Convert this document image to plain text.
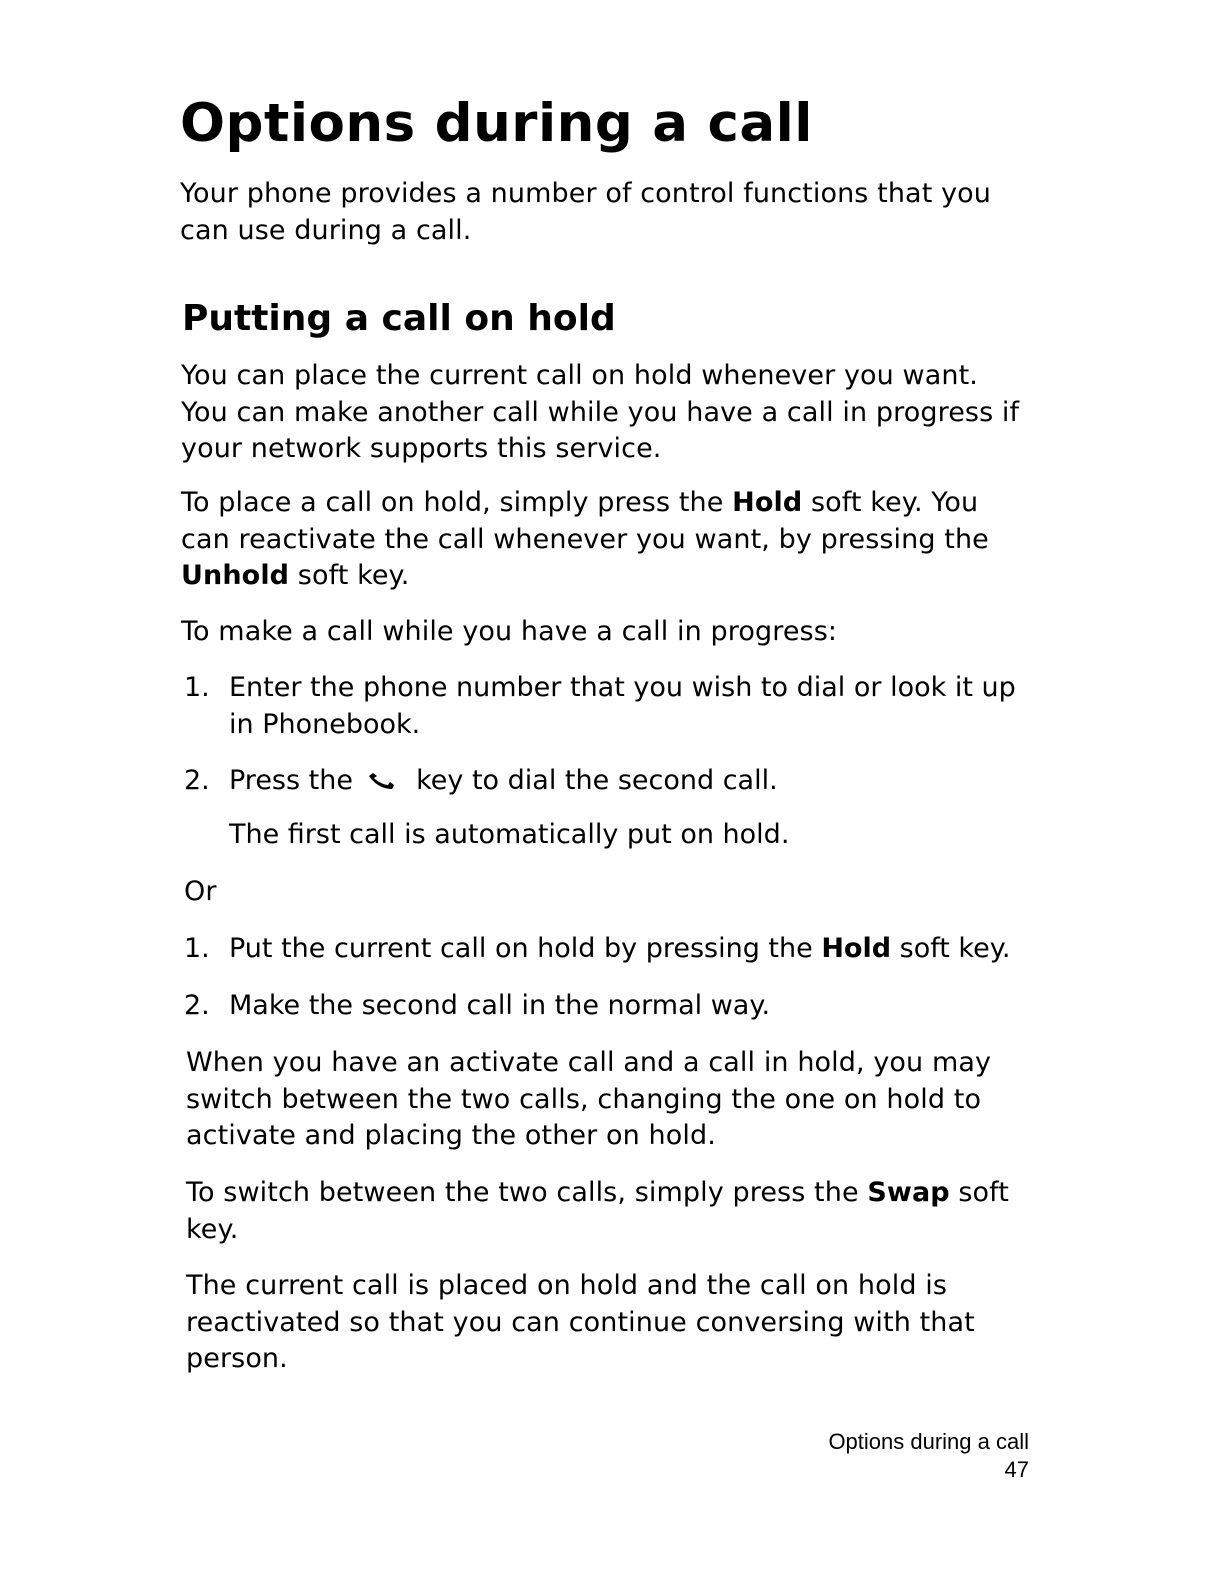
Options during a call

Your phone provides a number of control functions that you can use during a call.

Putting a call on hold

You can place the current call on hold whenever you want. You can make another call while you have a call in progress if your network supports this service.

To place a call on hold, simply press the Hold soft key. You can reactivate the call whenever you want, by pressing the Unhold soft key.

To make a call while you have a call in progress:

1. Enter the phone number that you wish to dial or look it up in Phonebook.

2. Press the  key to dial the second call.

The first call is automatically put on hold.

Or

1. Put the current call on hold by pressing the Hold soft key.

2. Make the second call in the normal way.

When you have an activate call and a call in hold, you may switch between the two calls, changing the one on hold to activate and placing the other on hold.

To switch between the two calls, simply press the Swap soft key.

The current call is placed on hold and the call on hold is reactivated so that you can continue conversing with that person.

Options during a call
47
